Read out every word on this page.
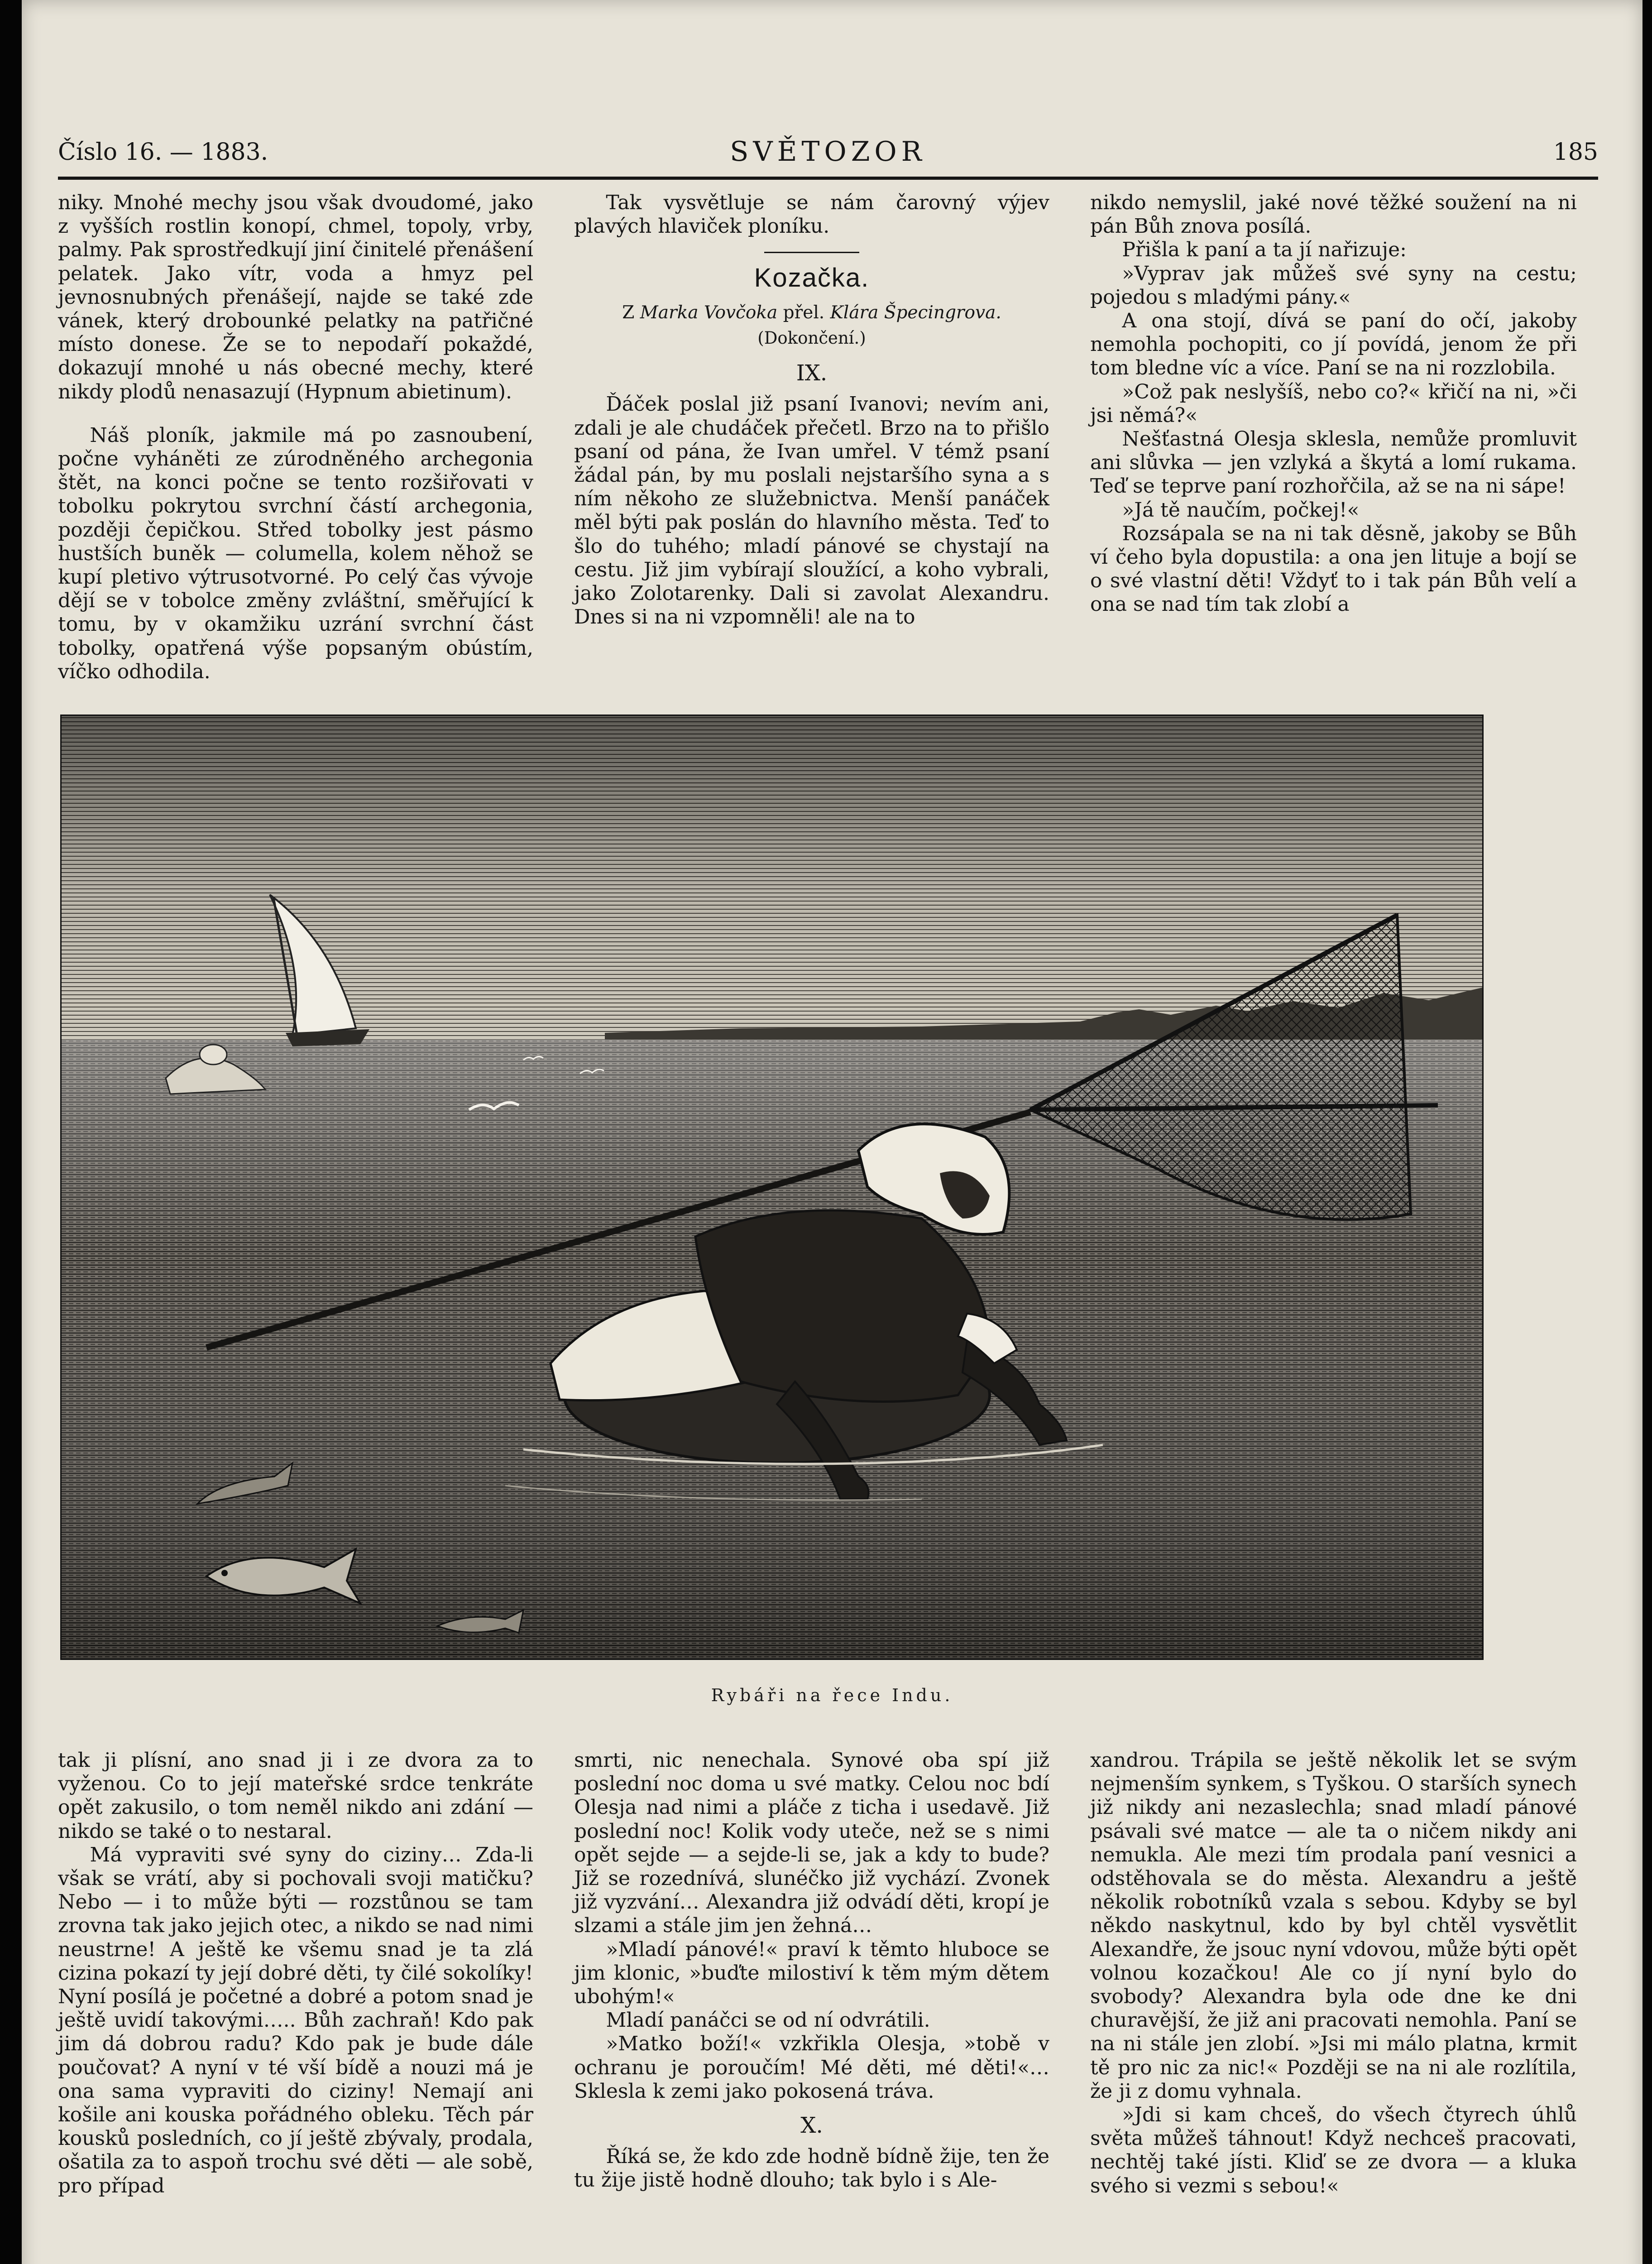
Číslo 16. — 1883.	SVĚTOZOR	185

niky. Mnohé mechy jsou však dvoudomé, jako z vyšších rostlin konopí, chmel, topoly, vrby, palmy. Pak sprostředkují jiní činitelé přenášení pelatek. Jako vítr, voda a hmyz pel jevnosnubných přenášejí, najde se také zde vánek, který drobounké pelatky na patřičné místo donese. Že se to nepodaří pokaždé, dokazují mnohé u nás obecné mechy, které nikdy plodů nenasazují (Hypnum abietinum).

Náš ploník, jakmile má po zasnoubení, počne vyháněti ze zúrodněného archegonia štět, na konci počne se tento rozšiřovati v tobolku pokrytou svrchní částí archegonia, později čepičkou. Střed tobolky jest pásmo hustších buněk — columella, kolem něhož se kupí pletivo výtrusotvorné. Po celý čas vývoje dějí se v tobolce změny zvláštní, směřující k tomu, by v okamžiku uzrání svrchní část tobolky, opatřená výše popsaným obústím, víčko odhodila.

Tak vysvětluje se nám čarovný výjev plavých hlaviček ploníku.

Kozačka.
Z Marka Vovčoka přel. Klára Špecingrova.
(Dokončení.)
IX.

Ďáček poslal již psaní Ivanovi; nevím ani, zdali je ale chudáček přečetl. Brzo na to přišlo psaní od pána, že Ivan umřel. V témž psaní žádal pán, by mu poslali nejstaršího syna a s ním někoho ze služebnictva. Menší panáček měl býti pak poslán do hlavního města. Teď to šlo do tuhého; mladí pánové se chystají na cestu. Již jim vybírají sloužící, a koho vybrali, jako Zolotarenky. Dali si zavolat Alexandru. Dnes si na ni vzpomněli! ale na to

nikdo nemyslil, jaké nové těžké soužení na ni pán Bůh znova posílá.

Přišla k paní a ta jí nařizuje:

»Vyprav jak můžeš své syny na cestu; pojedou s mladými pány.«

A ona stojí, dívá se paní do očí, jakoby nemohla pochopiti, co jí povídá, jenom že při tom bledne víc a více. Paní se na ni rozzlobila.

»Což pak neslyšíš, nebo co?« křičí na ni, »či jsi němá?«

Nešťastná Olesja sklesla, nemůže promluvit ani slůvka — jen vzlyká a škytá a lomí rukama. Teď se teprve paní rozhořčila, až se na ni sápe!

»Já tě naučím, počkej!«

Rozsápala se na ni tak děsně, jakoby se Bůh ví čeho byla dopustila: a ona jen lituje a bojí se o své vlastní děti! Vždyť to i tak pán Bůh velí a ona se nad tím tak zlobí a

Rybáři na řece Indu.

tak ji plísní, ano snad ji i ze dvora za to vyženou. Co to její mateřské srdce tenkráte opět zakusilo, o tom neměl nikdo ani zdání — nikdo se také o to nestaral.

Má vypraviti své syny do ciziny… Zda-li však se vrátí, aby si pochovali svoji matičku? Nebo — i to může býti — rozstůnou se tam zrovna tak jako jejich otec, a nikdo se nad nimi neustrne! A ještě ke všemu snad je ta zlá cizina pokazí ty její dobré děti, ty čilé sokolíky! Nyní posílá je početné a dobré a potom snad je ještě uvidí takovými….. Bůh zachraň! Kdo pak jim dá dobrou radu? Kdo pak je bude dále poučovat? A nyní v té vší bídě a nouzi má je ona sama vypraviti do ciziny! Nemají ani košile ani kouska pořádného obleku. Těch pár kousků posledních, co jí ještě zbývaly, prodala, ošatila za to aspoň trochu své děti — ale sobě, pro případ

smrti, nic nenechala. Synové oba spí již poslední noc doma u své matky. Celou noc bdí Olesja nad nimi a pláče z ticha i usedavě. Již poslední noc! Kolik vody uteče, než se s nimi opět sejde — a sejde-li se, jak a kdy to bude? Již se rozednívá, slunéčko již vychází. Zvonek již vyzvání… Alexandra již odvádí děti, kropí je slzami a stále jim jen žehná…

»Mladí pánové!« praví k těmto hluboce se jim klonic, »buďte milostiví k těm mým dětem ubohým!«

Mladí panáčci se od ní odvrátili.

»Matko boží!« vzkřikla Olesja, »tobě v ochranu je poroučím! Mé děti, mé děti!«… Sklesla k zemi jako pokosená tráva.

X.

Říká se, že kdo zde hodně bídně žije, ten že tu žije jistě hodně dlouho; tak bylo i s Ale-

xandrou. Trápila se ještě několik let se svým nejmenším synkem, s Tyškou. O starších synech již nikdy ani nezaslechla; snad mladí pánové psávali své matce — ale ta o ničem nikdy ani nemukla. Ale mezi tím prodala paní vesnici a odstěhovala se do města. Alexandru a ještě několik robotníků vzala s sebou. Kdyby se byl někdo naskytnul, kdo by byl chtěl vysvětlit Alexandře, že jsouc nyní vdovou, může býti opět volnou kozačkou! Ale co jí nyní bylo do svobody? Alexandra byla ode dne ke dni churavější, že již ani pracovati nemohla. Paní se na ni stále jen zlobí. »Jsi mi málo platna, krmit tě pro nic za nic!« Později se na ni ale rozlítila, že ji z domu vyhnala.

»Jdi si kam chceš, do všech čtyrech úhlů světa můžeš táhnout! Když nechceš pracovati, nechtěj také jísti. Kliď se ze dvora — a kluka svého si vezmi s sebou!«
